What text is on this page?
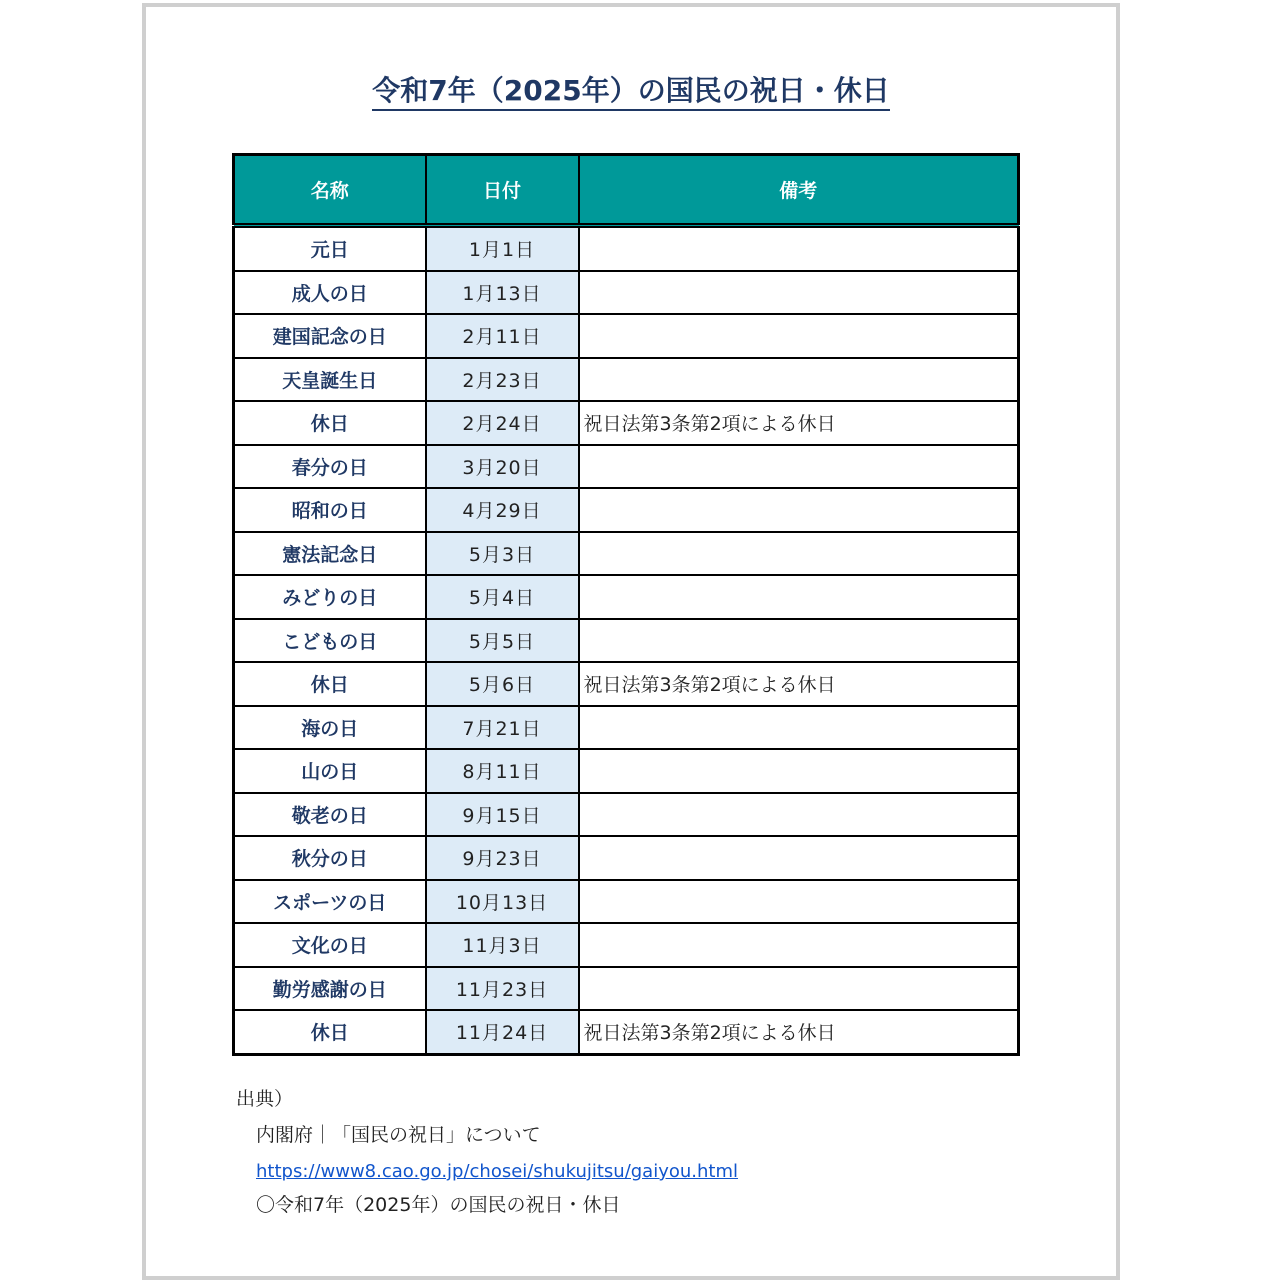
令和7年（2025年）の国民の祝日・休日
名称	日付	備考
元日	1月1日	
成人の日	1月13日	
建国記念の日	2月11日	
天皇誕生日	2月23日	
休日	2月24日	祝日法第3条第2項による休日
春分の日	3月20日	
昭和の日	4月29日	
憲法記念日	5月3日	
みどりの日	5月4日	
こどもの日	5月5日	
休日	5月6日	祝日法第3条第2項による休日
海の日	7月21日	
山の日	8月11日	
敬老の日	9月15日	
秋分の日	9月23日	
スポーツの日	10月13日	
文化の日	11月3日	
勤労感謝の日	11月23日	
休日	11月24日	祝日法第3条第2項による休日
出典）
内閣府｜「国民の祝日」について
https://www8.cao.go.jp/chosei/shukujitsu/gaiyou.html
〇令和7年（2025年）の国民の祝日・休日
